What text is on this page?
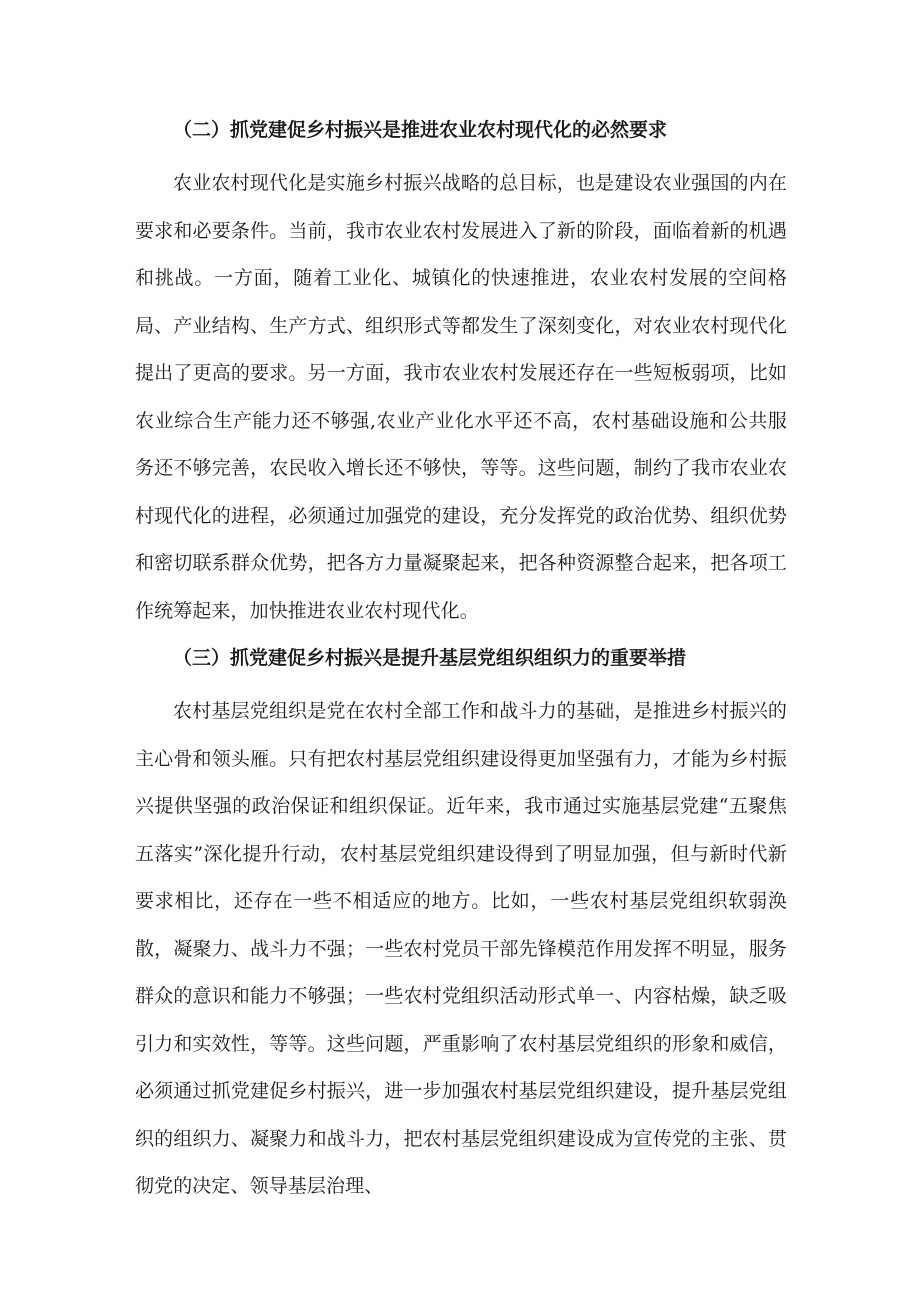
（二）抓党建促乡村振兴是推进农业农村现代化的必然要求

农业农村现代化是实施乡村振兴战略的总目标，也是建设农业强国的内在要求和必要条件。当前，我市农业农村发展进入了新的阶段，面临着新的机遇和挑战。一方面，随着工业化、城镇化的快速推进，农业农村发展的空间格局、产业结构、生产方式、组织形式等都发生了深刻变化，对农业农村现代化提出了更高的要求。另一方面，我市农业农村发展还存在一些短板弱项，比如农业综合生产能力还不够强,农业产业化水平还不高，农村基础设施和公共服务还不够完善，农民收入增长还不够快，等等。这些问题，制约了我市农业农村现代化的进程，必须通过加强党的建设，充分发挥党的政治优势、组织优势和密切联系群众优势，把各方力量凝聚起来，把各种资源整合起来，把各项工作统筹起来，加快推进农业农村现代化。

（三）抓党建促乡村振兴是提升基层党组织组织力的重要举措

农村基层党组织是党在农村全部工作和战斗力的基础，是推进乡村振兴的主心骨和领头雁。只有把农村基层党组织建设得更加坚强有力，才能为乡村振兴提供坚强的政治保证和组织保证。近年来，我市通过实施基层党建“五聚焦五落实”深化提升行动，农村基层党组织建设得到了明显加强，但与新时代新要求相比，还存在一些不相适应的地方。比如，一些农村基层党组织软弱涣散，凝聚力、战斗力不强；一些农村党员干部先锋模范作用发挥不明显，服务群众的意识和能力不够强；一些农村党组织活动形式单一、内容枯燥，缺乏吸引力和实效性，等等。这些问题，严重影响了农村基层党组织的形象和威信，必须通过抓党建促乡村振兴，进一步加强农村基层党组织建设，提升基层党组织的组织力、凝聚力和战斗力，把农村基层党组织建设成为宣传党的主张、贯彻党的决定、领导基层治理、
